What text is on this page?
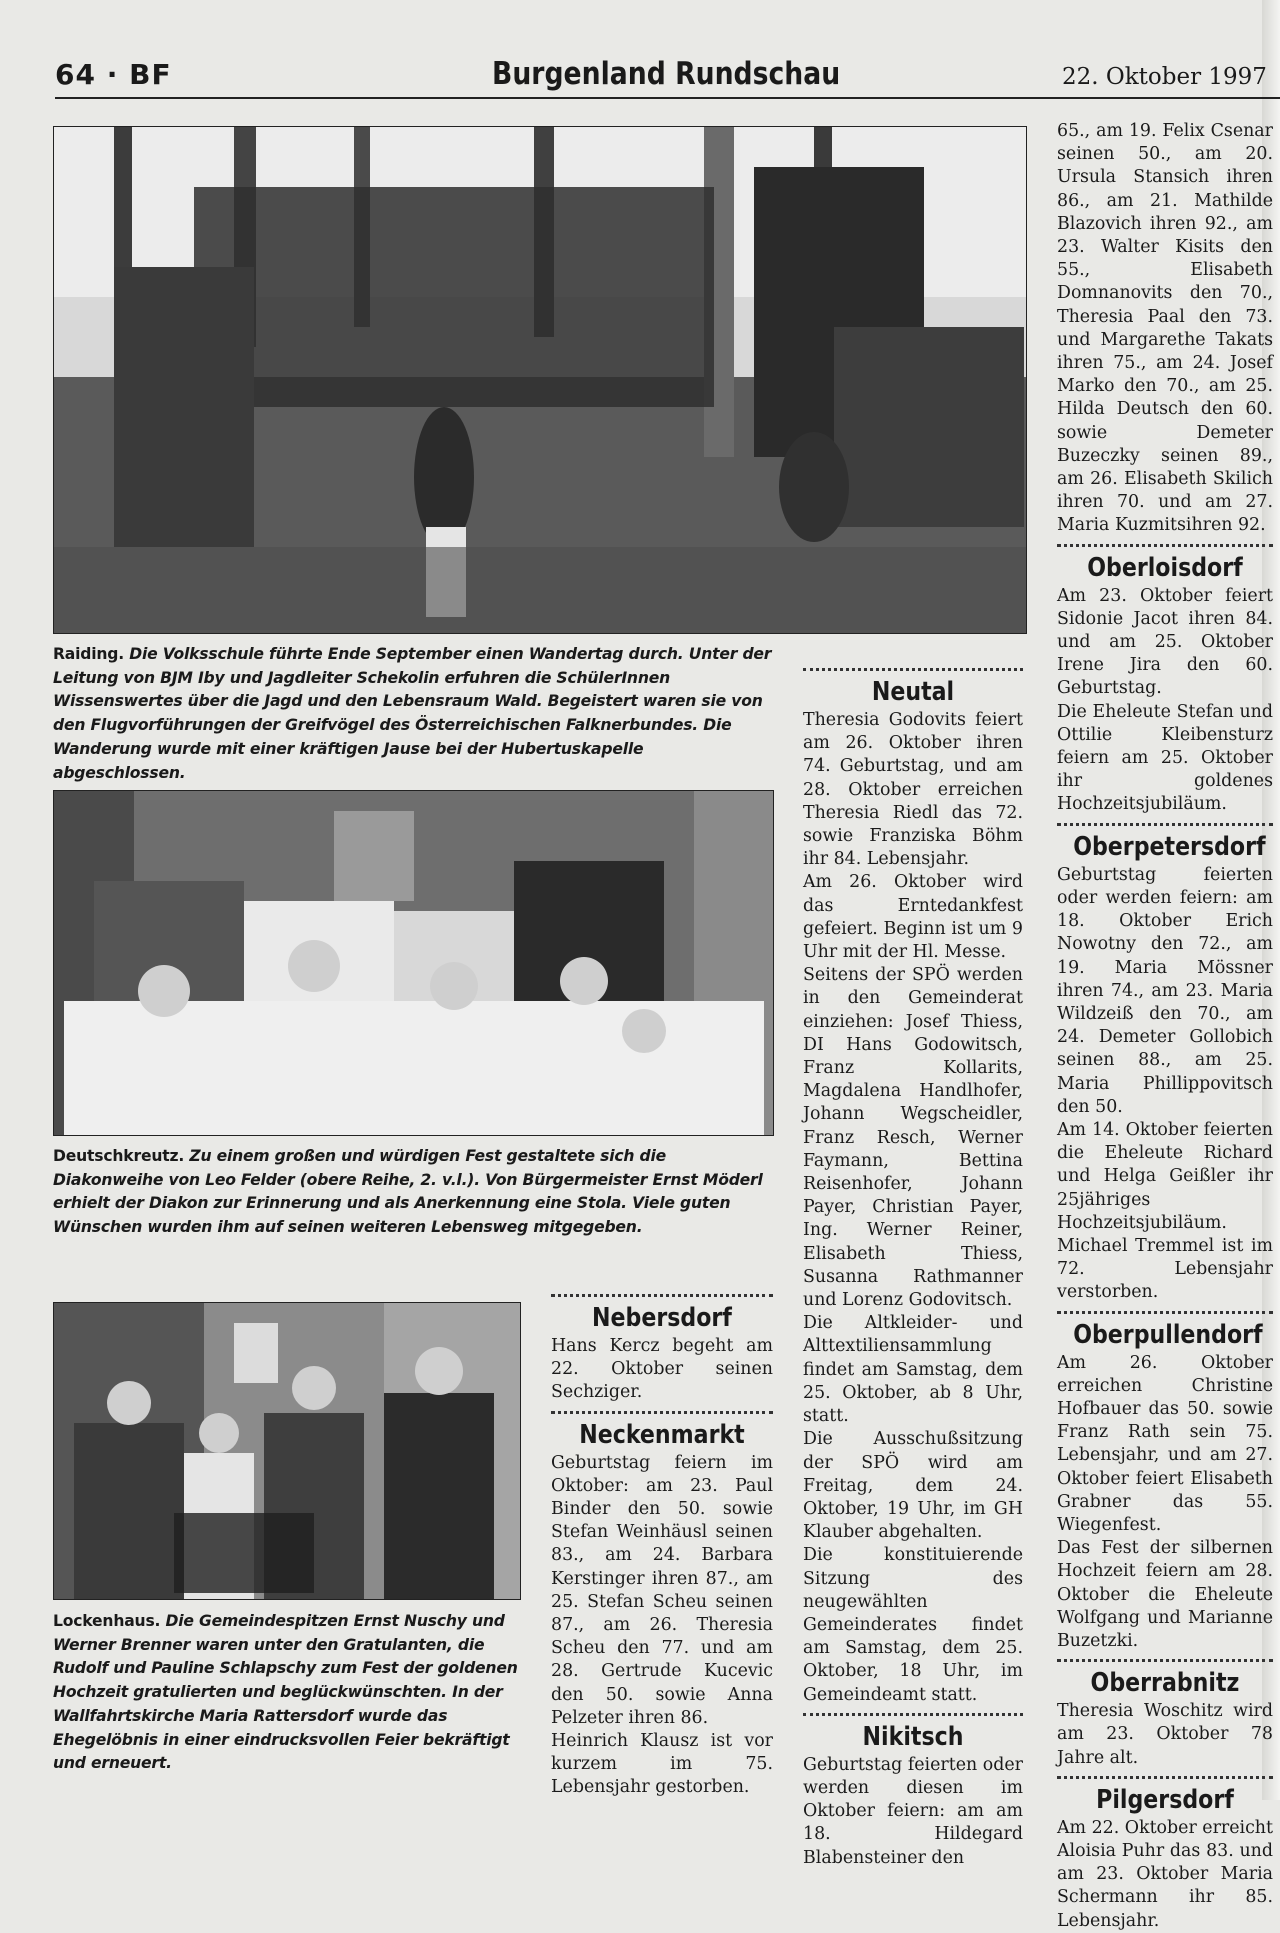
64 · BF	Burgenland Rundschau	22. Oktober 1997
Raiding. Die Volksschule führte Ende September einen Wandertag durch. Unter der Leitung von BJM Iby und Jagdleiter Schekolin erfuhren die SchülerInnen Wissenswertes über die Jagd und den Lebensraum Wald. Begeistert waren sie von den Flugvorführungen der Greifvögel des Österreichischen Falknerbundes. Die Wanderung wurde mit einer kräftigen Jause bei der Hubertuskapelle abgeschlossen.
Deutschkreutz. Zu einem großen und würdigen Fest gestaltete sich die Diakonweihe von Leo Felder (obere Reihe, 2. v.l.). Von Bürgermeister Ernst Möderl erhielt der Diakon zur Erinnerung und als Anerkennung eine Stola. Viele guten Wünschen wurden ihm auf seinen weiteren Lebensweg mitgegeben.
Lockenhaus. Die Gemeindespitzen Ernst Nuschy und Werner Brenner waren unter den Gratulanten, die Rudolf und Pauline Schlapschy zum Fest der goldenen Hochzeit gratulierten und beglückwünschten. In der Wallfahrtskirche Maria Rattersdorf wurde das Ehegelöbnis in einer eindrucksvollen Feier bekräftigt und erneuert.
Nebersdorf

Hans Kercz begeht am 22. Oktober seinen Sechziger.

Neckenmarkt

Geburtstag feiern im Oktober: am 23. Paul Binder den 50. sowie Stefan Weinhäusl seinen 83., am 24. Barbara Kerstinger ihren 87., am 25. Stefan Scheu seinen 87., am 26. Theresia Scheu den 77. und am 28. Gertrude Kucevic den 50. sowie Anna Pelzeter ihren 86.

Heinrich Klausz ist vor kurzem im 75. Lebensjahr gestorben.

Neutal

Theresia Godovits feiert am 26. Oktober ihren 74. Geburtstag, und am 28. Oktober erreichen Theresia Riedl das 72. sowie Franziska Böhm ihr 84. Lebensjahr.

Am 26. Oktober wird das Erntedankfest gefeiert. Beginn ist um 9 Uhr mit der Hl. Messe.

Seitens der SPÖ werden in den Gemeinderat einziehen: Josef Thiess, DI Hans Godowitsch, Franz Kollarits, Magdalena Handlhofer, Johann Wegscheidler, Franz Resch, Werner Faymann, Bettina Reisenhofer, Johann Payer, Christian Payer, Ing. Werner Reiner, Elisabeth Thiess, Susanna Rathmanner und Lorenz Godovitsch.

Die Altkleider- und Alttextiliensammlung findet am Samstag, dem 25. Oktober, ab 8 Uhr, statt.

Die Ausschußsitzung der SPÖ wird am Freitag, dem 24. Oktober, 19 Uhr, im GH Klauber abgehalten.

Die konstituierende Sitzung des neugewählten Gemeinderates findet am Samstag, dem 25. Oktober, 18 Uhr, im Gemeindeamt statt.

Nikitsch

Geburtstag feierten oder werden diesen im Oktober feiern: am am 18. Hildegard Blabensteiner den

65., am 19. Felix Csenar seinen 50., am 20. Ursula Stansich ihren 86., am 21. Mathilde Blazovich ihren 92., am 23. Walter Kisits den 55., Elisabeth Domnanovits den 70., Theresia Paal den 73. und Margarethe Takats ihren 75., am 24. Josef Marko den 70., am 25. Hilda Deutsch den 60. sowie Demeter Buzeczky seinen 89., am 26. Elisabeth Skilich ihren 70. und am 27. Maria Kuzmitsihren 92.

Oberloisdorf

Am 23. Oktober feiert Sidonie Jacot ihren 84. und am 25. Oktober Irene Jira den 60. Geburtstag.

Die Eheleute Stefan und Ottilie Kleibensturz feiern am 25. Oktober ihr goldenes Hochzeitsjubiläum.

Oberpetersdorf

Geburtstag feierten oder werden feiern: am 18. Oktober Erich Nowotny den 72., am 19. Maria Mössner ihren 74., am 23. Maria Wildzeiß den 70., am 24. Demeter Gollobich seinen 88., am 25. Maria Phillippovitsch den 50.

Am 14. Oktober feierten die Eheleute Richard und Helga Geißler ihr 25jähriges Hochzeitsjubiläum.

Michael Tremmel ist im 72. Lebensjahr verstorben.

Oberpullendorf

Am 26. Oktober erreichen Christine Hofbauer das 50. sowie Franz Rath sein 75. Lebensjahr, und am 27. Oktober feiert Elisabeth Grabner das 55. Wiegenfest.

Das Fest der silbernen Hochzeit feiern am 28. Oktober die Eheleute Wolfgang und Marianne Buzetzki.

Oberrabnitz

Theresia Woschitz wird am 23. Oktober 78 Jahre alt.

Pilgersdorf

Am 22. Oktober erreicht Aloisia Puhr das 83. und am 23. Oktober Maria Schermann ihr 85. Lebensjahr.
